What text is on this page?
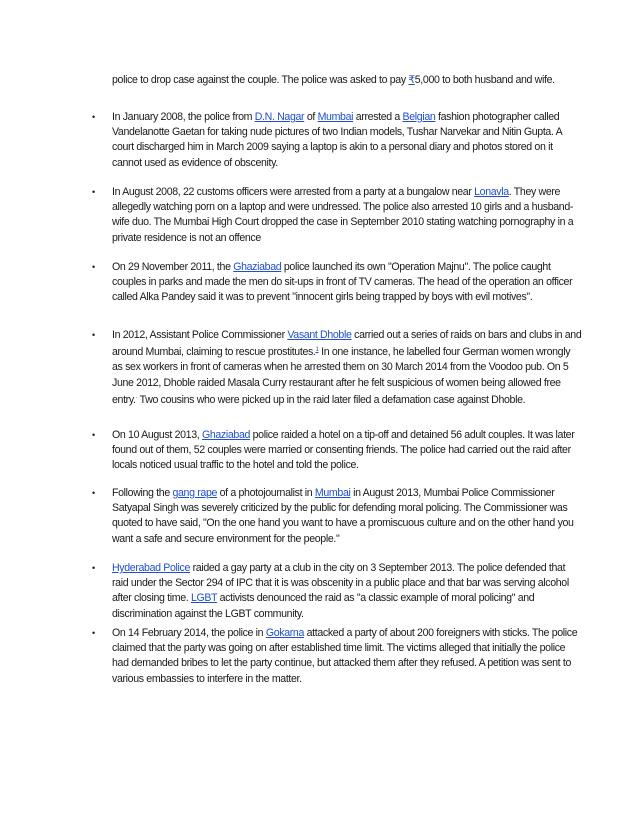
police to drop case against the couple. The police was asked to pay ₹5,000 to both husband and wife.

•	In January 2008, the police from D.N. Nagar of Mumbai arrested a Belgian fashion photographer called Vandelanotte Gaetan for taking nude pictures of two Indian models, Tushar Narvekar and Nitin Gupta. A court discharged him in March 2009 saying a laptop is akin to a personal diary and photos stored on it cannot used as evidence of obscenity.
•	In August 2008, 22 customs officers were arrested from a party at a bungalow near Lonavla. They were allegedly watching porn on a laptop and were undressed. The police also arrested 10 girls and a husband-wife duo. The Mumbai High Court dropped the case in September 2010 stating watching pornography in a private residence is not an offence
•	On 29 November 2011, the Ghaziabad police launched its own "Operation Majnu". The police caught couples in parks and made the men do sit-ups in front of TV cameras. The head of the operation an officer called Alka Pandey said it was to prevent "innocent girls being trapped by boys with evil motives".
•	In 2012, Assistant Police Commissioner Vasant Dhoble carried out a series of raids on bars and clubs in and around Mumbai, claiming to rescue prostitutes.$^1$ In one instance, he labelled four German women wrongly as sex workers in front of cameras when he arrested them on 30 March 2014 from the Voodoo pub. On 5 June 2012, Dhoble raided Masala Curry restaurant after he felt suspicious of women being allowed free entry.· Two cousins who were picked up in the raid later filed a defamation case against Dhoble.
•	On 10 August 2013, Ghaziabad police raided a hotel on a tip-off and detained 56 adult couples. It was later found out of them, 52 couples were married or consenting friends. The police had carried out the raid after locals noticed usual traffic to the hotel and told the police.
•	Following the gang rape of a photojournalist in Mumbai in August 2013, Mumbai Police Commissioner Satyapal Singh was severely criticized by the public for defending moral policing. The Commissioner was quoted to have said, "On the one hand you want to have a promiscuous culture and on the other hand you want a safe and secure environment for the people."
•	Hyderabad Police raided a gay party at a club in the city on 3 September 2013. The police defended that raid under the Sector 294 of IPC that it is was obscenity in a public place and that bar was serving alcohol after closing time. LGBT activists denounced the raid as "a classic example of moral policing" and discrimination against the LGBT community.
•	On 14 February 2014, the police in Gokarna attacked a party of about 200 foreigners with sticks. The police claimed that the party was going on after established time limit. The victims alleged that initially the police had demanded bribes to let the party continue, but attacked them after they refused. A petition was sent to various embassies to interfere in the matter.
